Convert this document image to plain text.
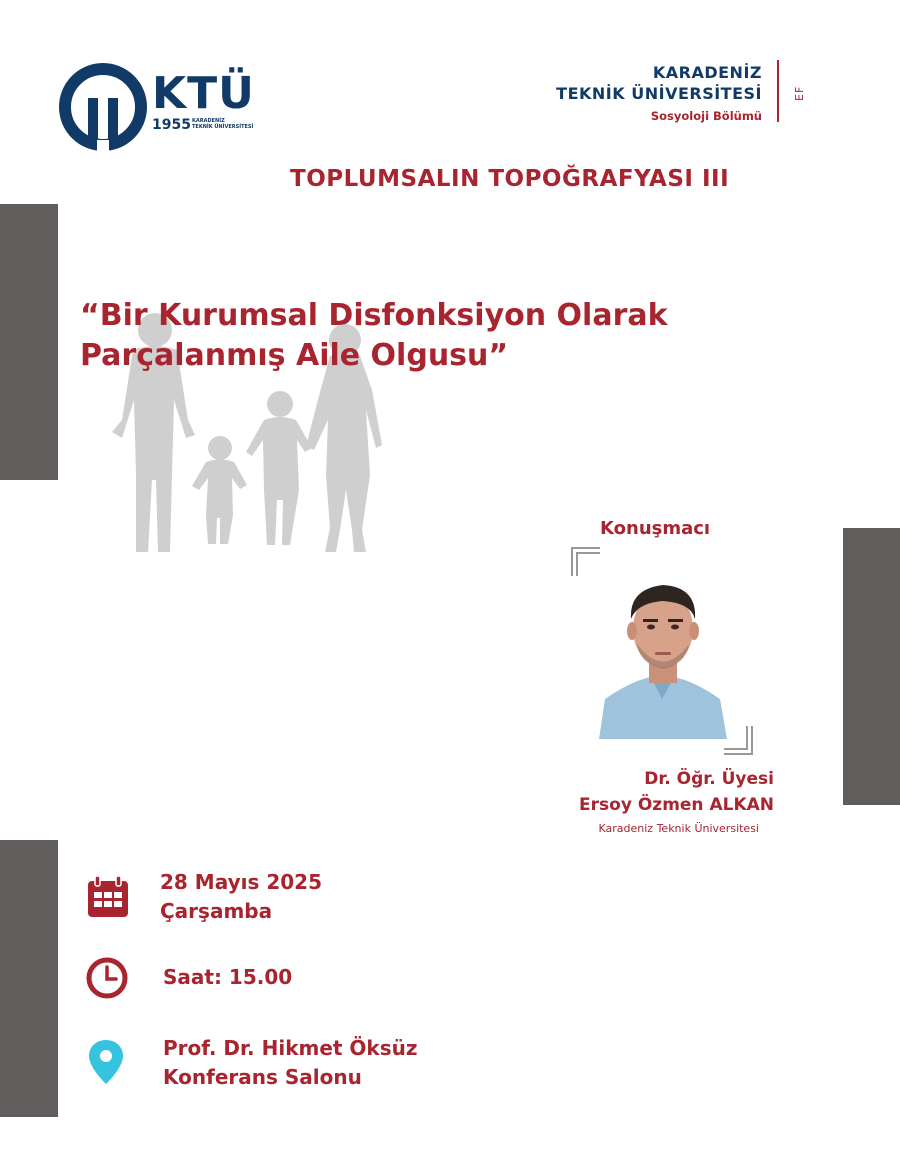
KTÜ
1955 KARADENİZ
TEKNİK ÜNİVERSİTESİ
KARADENİZ
TEKNİK ÜNİVERSİTESİ
Sosyoloji Bölümü
EF
TOPLUMSALIN TOPOĞRAFYASI III
“Bir Kurumsal Disfonksiyon Olarak
Parçalanmış Aile Olgusu”
Konuşmacı
Dr. Öğr. Üyesi
Ersoy Özmen ALKAN
Karadeniz Teknik Üniversitesi
28 Mayıs 2025
Çarşamba
Saat: 15.00
Prof. Dr. Hikmet Öksüz
Konferans Salonu
